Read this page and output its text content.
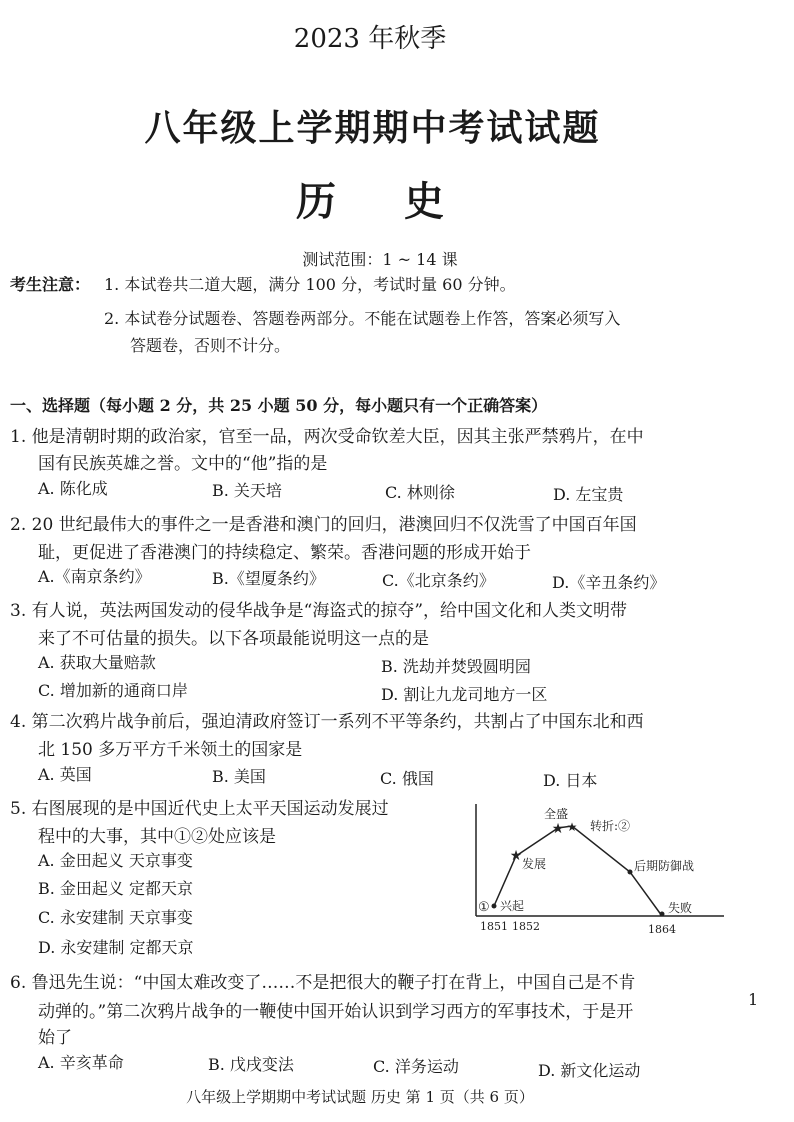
2023 年秋季
八年级上学期期中考试试题
历 史
测试范围：1 ~ 14 课
考生注意： 1. 本试卷共二道大题，满分 100 分，考试时量 60 分钟。
2. 本试卷分试题卷、答题卷两部分。不能在试题卷上作答，答案必须写入
答题卷，否则不计分。
一、选择题（每小题 2 分，共 25 小题 50 分，每小题只有一个正确答案）
1. 他是清朝时期的政治家，官至一品，两次受命钦差大臣，因其主张严禁鸦片，在中
国有民族英雄之誉。文中的“他”指的是
A. 陈化成	B. 关天培	C. 林则徐	D. 左宝贵
2. 20 世纪最伟大的事件之一是香港和澳门的回归，港澳回归不仅洗雪了中国百年国
耻，更促进了香港澳门的持续稳定、繁荣。香港问题的形成开始于
A.《南京条约》	B.《望厦条约》	C.《北京条约》	D.《辛丑条约》
3. 有人说，英法两国发动的侵华战争是“海盗式的掠夺”，给中国文化和人类文明带
来了不可估量的损失。以下各项最能说明这一点的是
A. 获取大量赔款	B. 洗劫并焚毁圆明园
C. 增加新的通商口岸	D. 割让九龙司地方一区
4. 第二次鸦片战争前后，强迫清政府签订一系列不平等条约，共割占了中国东北和西
北 150 多万平方千米领土的国家是
A. 英国	B. 美国	C. 俄国	D. 日本
5. 右图展现的是中国近代史上太平天国运动发展过
程中的大事，其中①②处应该是
A. 金田起义 天京事变
B. 金田起义 定都天京
C. 永安建制 天京事变
D. 永安建制 定都天京
★
★ ★
① 兴起
发展
全盛
转折:②
后期防御战
失败
1851 1852	1864
6. 鲁迅先生说：“中国太难改变了……不是把很大的鞭子打在背上，中国自己是不肯
动弹的。”第二次鸦片战争的一鞭使中国开始认识到学习西方的军事技术，于是开
始了
A. 辛亥革命	B. 戊戌变法	C. 洋务运动	D. 新文化运动
1
八年级上学期期中考试试题 历史 第 1 页（共 6 页）
